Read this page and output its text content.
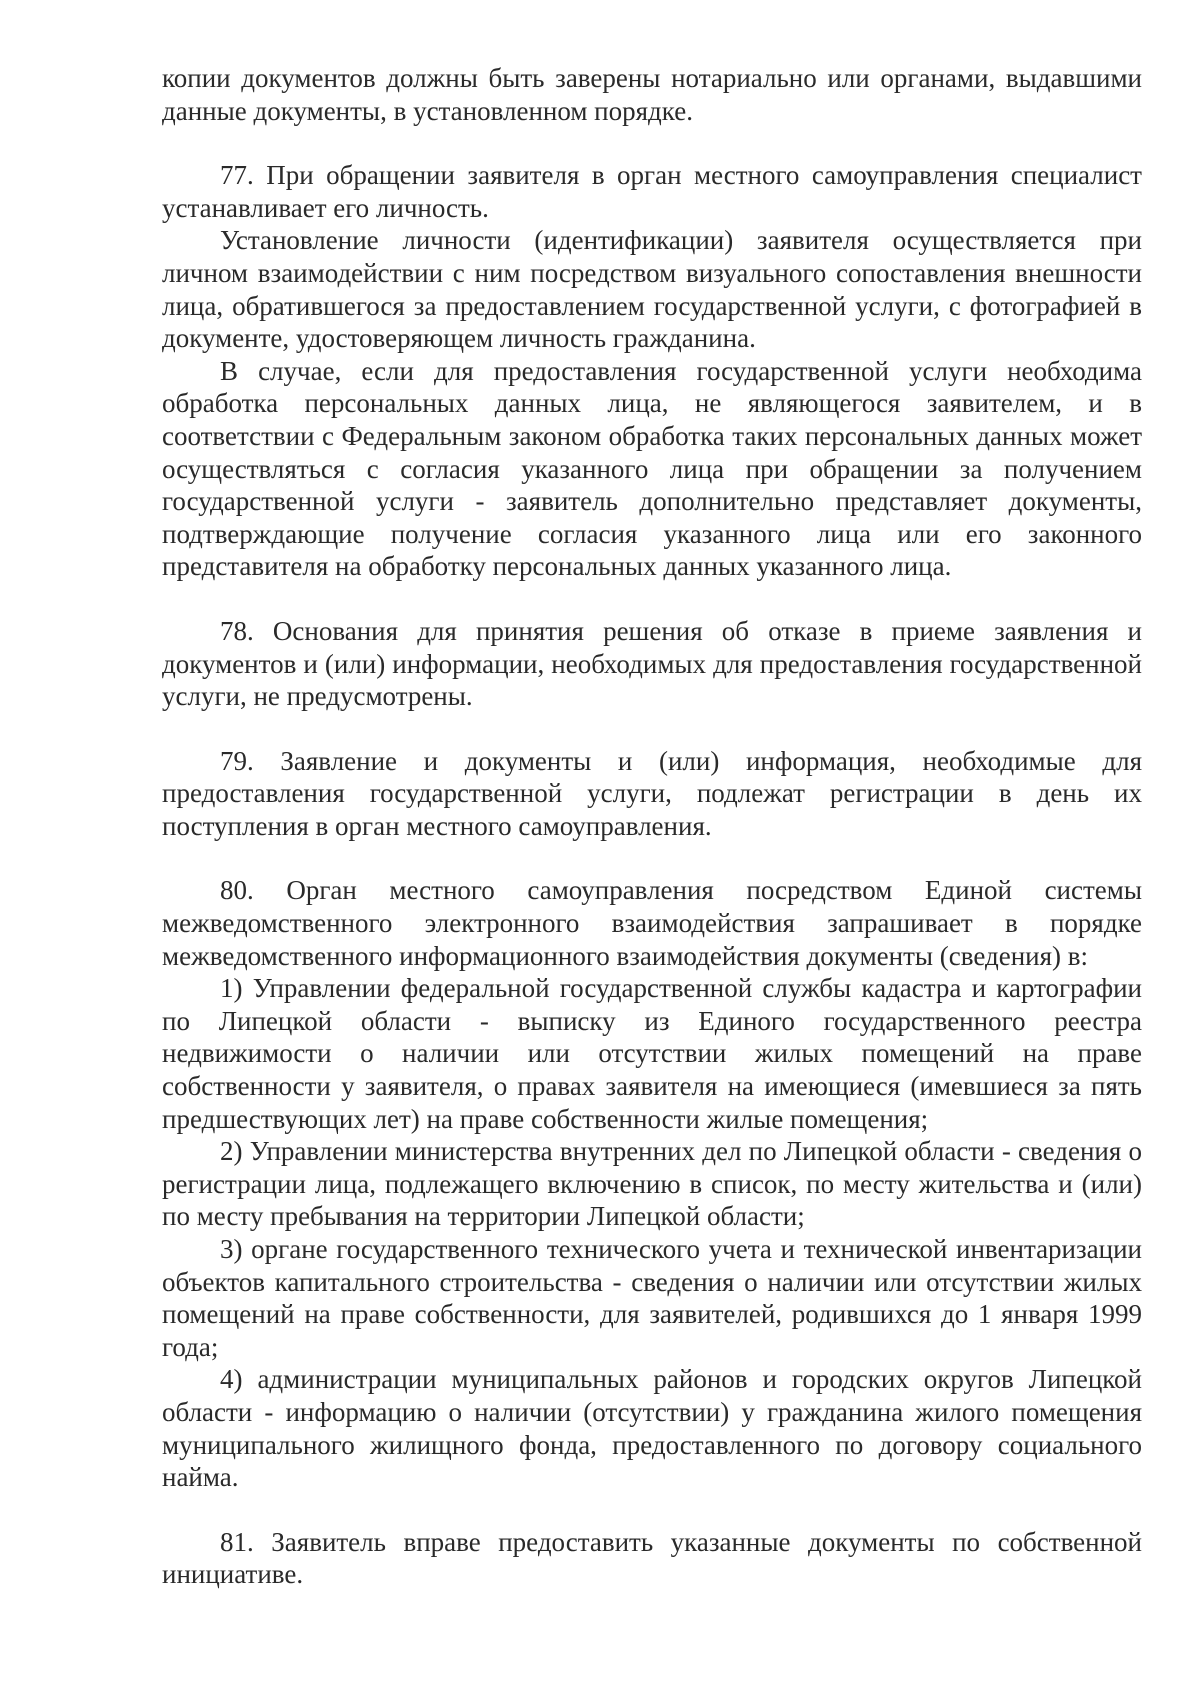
копии документов должны быть заверены нотариально или органами, выдавшими данные документы, в установленном порядке.

77. При обращении заявителя в орган местного самоуправления специалист устанавливает его личность.

Установление личности (идентификации) заявителя осуществляется при личном взаимодействии с ним посредством визуального сопоставления внешности лица, обратившегося за предоставлением государственной услуги, с фотографией в документе, удостоверяющем личность гражданина.

В случае, если для предоставления государственной услуги необходима обработка персональных данных лица, не являющегося заявителем, и в соответствии с Федеральным законом обработка таких персональных данных может осуществляться с согласия указанного лица при обращении за получением государственной услуги - заявитель дополнительно представляет документы, подтверждающие получение согласия указанного лица или его законного представителя на обработку персональных данных указанного лица.

78. Основания для принятия решения об отказе в приеме заявления и документов и (или) информации, необходимых для предоставления государственной услуги, не предусмотрены.

79. Заявление и документы и (или) информация, необходимые для предоставления государственной услуги, подлежат регистрации в день их поступления в орган местного самоуправления.

80. Орган местного самоуправления посредством Единой системы межведомственного электронного взаимодействия запрашивает в порядке межведомственного информационного взаимодействия документы (сведения) в:

1) Управлении федеральной государственной службы кадастра и картографии по Липецкой области - выписку из Единого государственного реестра недвижимости о наличии или отсутствии жилых помещений на праве собственности у заявителя, о правах заявителя на имеющиеся (имевшиеся за пять предшествующих лет) на праве собственности жилые помещения;

2) Управлении министерства внутренних дел по Липецкой области - сведения о регистрации лица, подлежащего включению в список, по месту жительства и (или) по месту пребывания на территории Липецкой области;

3) органе государственного технического учета и технической инвентаризации объектов капитального строительства - сведения о наличии или отсутствии жилых помещений на праве собственности, для заявителей, родившихся до 1 января 1999 года;

4) администрации муниципальных районов и городских округов Липецкой области - информацию о наличии (отсутствии) у гражданина жилого помещения муниципального жилищного фонда, предоставленного по договору социального найма.

81. Заявитель вправе предоставить указанные документы по собственной инициативе.
